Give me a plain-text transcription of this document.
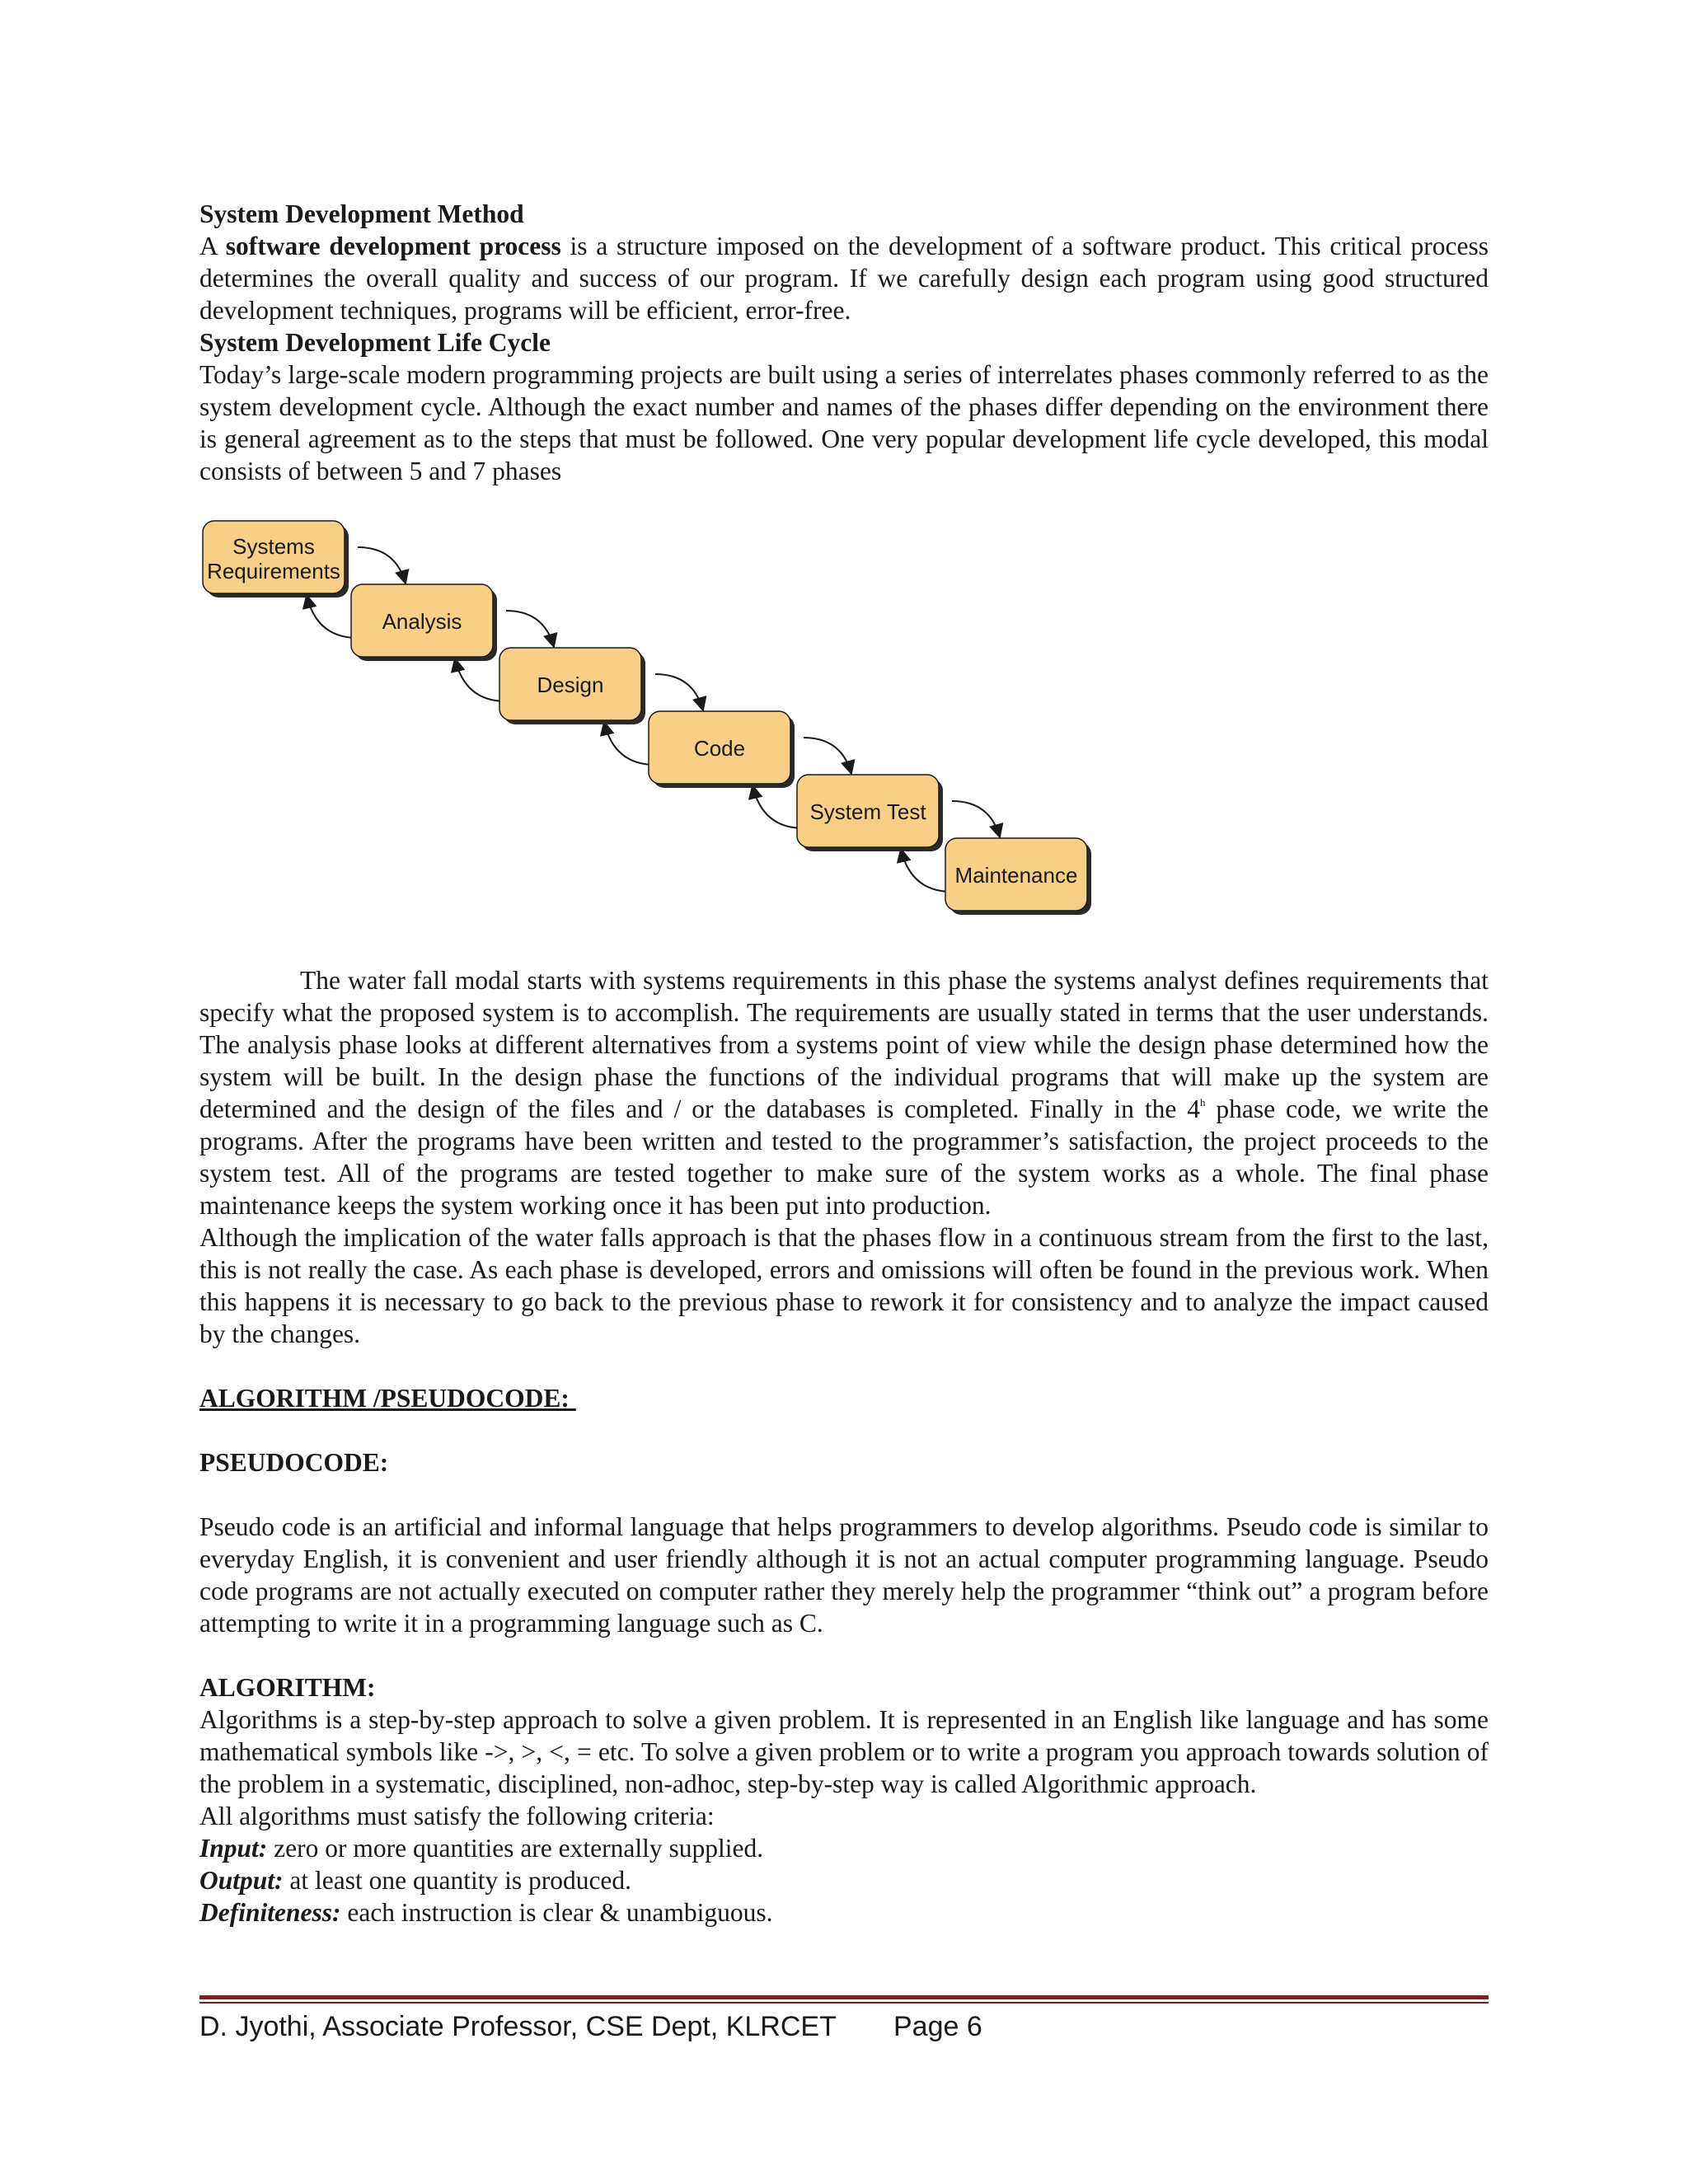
System Development Method

A software development process is a structure imposed on the development of a software product. This critical process determines the overall quality and success of our program. If we carefully design each program using good structured development techniques, programs will be efficient, error-free.

System Development Life Cycle

Today’s large-scale modern programming projects are built using a series of interrelates phases commonly referred to as the system development cycle. Although the exact number and names of the phases differ depending on the environment there is general agreement as to the steps that must be followed. One very popular development life cycle developed, this modal consists of between 5 and 7 phases

Systems
Requirements
Analysis
Design
Code
System Test
Maintenance

The water fall modal starts with systems requirements in this phase the systems analyst defines requirements that specify what the proposed system is to accomplish. The requirements are usually stated in terms that the user understands. The analysis phase looks at different alternatives from a systems point of view while the design phase determined how the system will be built. In the design phase the functions of the individual programs that will make up the system are determined and the design of the files and / or the databases is completed. Finally in the 4$^h$ phase code, we write the programs. After the programs have been written and tested to the programmer’s satisfaction, the project proceeds to the system test. All of the programs are tested together to make sure of the system works as a whole. The final phase maintenance keeps the system working once it has been put into production.

Although the implication of the water falls approach is that the phases flow in a continuous stream from the first to the last, this is not really the case. As each phase is developed, errors and omissions will often be found in the previous work. When this happens it is necessary to go back to the previous phase to rework it for consistency and to analyze the impact caused by the changes.

ALGORITHM /PSEUDOCODE:

PSEUDOCODE:

Pseudo code is an artificial and informal language that helps programmers to develop algorithms. Pseudo code is similar to everyday English, it is convenient and user friendly although it is not an actual computer programming language. Pseudo code programs are not actually executed on computer rather they merely help the programmer “think out” a program before attempting to write it in a programming language such as C.

ALGORITHM:

Algorithms is a step-by-step approach to solve a given problem. It is represented in an English like language and has some mathematical symbols like ->, >, <, = etc. To solve a given problem or to write a program you approach towards solution of the problem in a systematic, disciplined, non-adhoc, step-by-step way is called Algorithmic approach.

All algorithms must satisfy the following criteria:

Input: zero or more quantities are externally supplied.

Output: at least one quantity is produced.

Definiteness: each instruction is clear & unambiguous.

D. Jyothi, Associate Professor, CSE Dept, KLRCET Page 6
